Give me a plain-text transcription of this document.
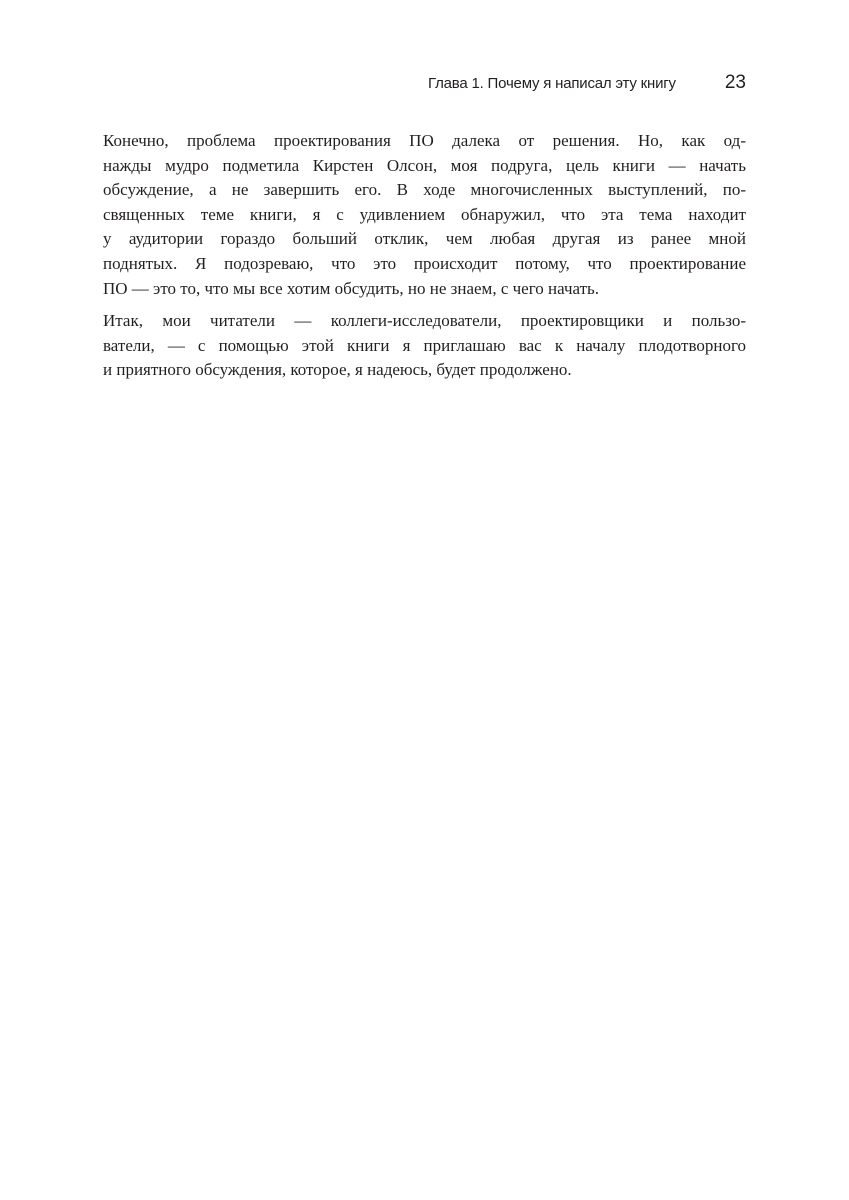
Глава 1. Почему я написал эту книгу	23
Конечно, проблема проектирования ПО далека от решения. Но, как од-
нажды мудро подметила Кирстен Олсон, моя подруга, цель книги — начать
обсуждение, а не завершить его. В ходе многочисленных выступлений, по-
священных теме книги, я с удивлением обнаружил, что эта тема находит
у аудитории гораздо больший отклик, чем любая другая из ранее мной
поднятых. Я подозреваю, что это происходит потому, что проектирование
ПО — это то, что мы все хотим обсудить, но не знаем, с чего начать.
Итак, мои читатели — коллеги-исследователи, проектировщики и пользо-
ватели, — с помощью этой книги я приглашаю вас к началу плодотворного
и приятного обсуждения, которое, я надеюсь, будет продолжено.
